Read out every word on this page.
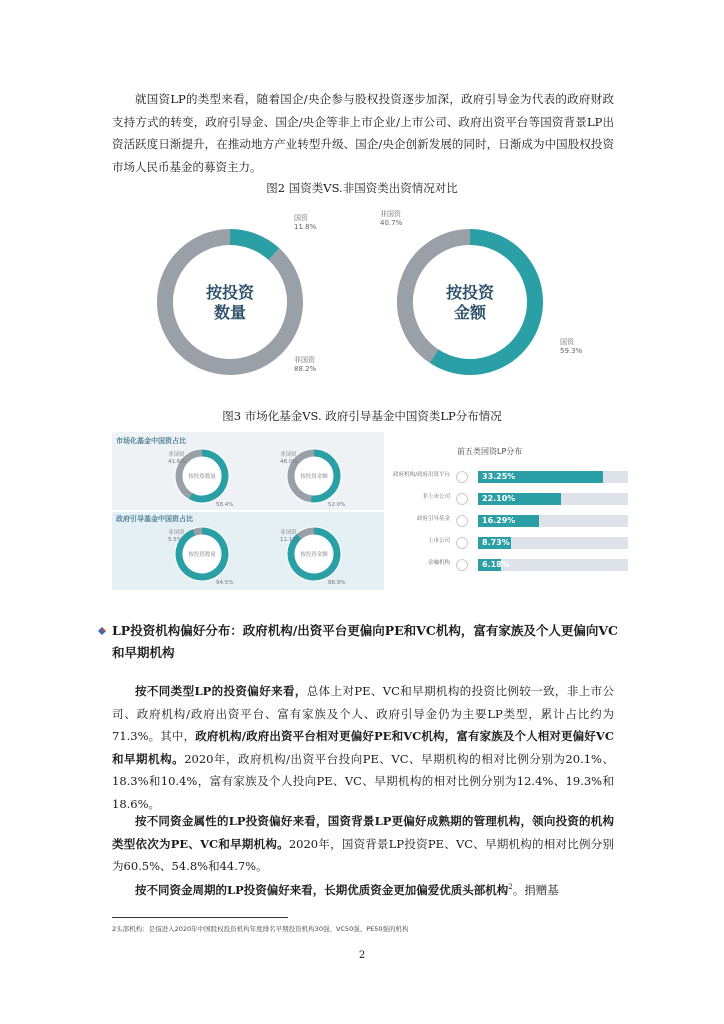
就国资LP的类型来看，随着国企/央企参与股权投资逐步加深，政府引导金为代表的政府财政支持方式的转变，政府引导金、国企/央企等非上市企业/上市公司、政府出资平台等国资背景LP出资活跃度日渐提升，在推动地方产业转型升级、国企/央企创新发展的同时，日渐成为中国股权投资市场人民币基金的募资主力。

图2 国资类VS.非国资类出资情况对比
按投资
数量
国资
11.8%
非国资
88.2%
按投资
金额
国资
59.3%
非国资
40.7%
图3 市场化基金VS. 政府引导基金中国资类LP分布情况
市场化基金中国资占比
政府引导基金中国资占比
按投资数量
非国资
41.6%
58.4%
按投资金额
非国资
48.0%
52.0%
按投资数量
非国资
5.5%
94.5%
按投资金额
非国资
11.1%
88.9%
前五类国资LP分布
政府机构/政府出资平台	33.25%
非上市公司	22.10%
政府引导基金	16.29%
上市公司	8.73%
金融机构	6.18%
LP投资机构偏好分布：政府机构/出资平台更偏向PE和VC机构，富有家族及个人更偏向VC和早期机构

按不同类型LP的投资偏好来看，总体上对PE、VC和早期机构的投资比例较一致，非上市公司、政府机构/政府出资平台、富有家族及个人、政府引导金仍为主要LP类型，累计占比约为71.3%。其中，政府机构/政府出资平台相对更偏好PE和VC机构，富有家族及个人相对更偏好VC和早期机构。2020年，政府机构/出资平台投向PE、VC、早期机构的相对比例分别为20.1%、18.3%和10.4%，富有家族及个人投向PE、VC、早期机构的相对比例分别为12.4%、19.3%和18.6%。

按不同资金属性的LP投资偏好来看，国资背景LP更偏好成熟期的管理机构，领向投资的机构类型依次为PE、VC和早期机构。2020年，国资背景LP投资PE、VC、早期机构的相对比例分别为60.5%、54.8%和44.7%。

按不同资金周期的LP投资偏好来看，长期优质资金更加偏爱优质头部机构$^2$。捐赠基

2头部机构：是指进入2020年中国股权投资机构年度排名早期投资机构30强、VC50强、PE50强的机构
2
